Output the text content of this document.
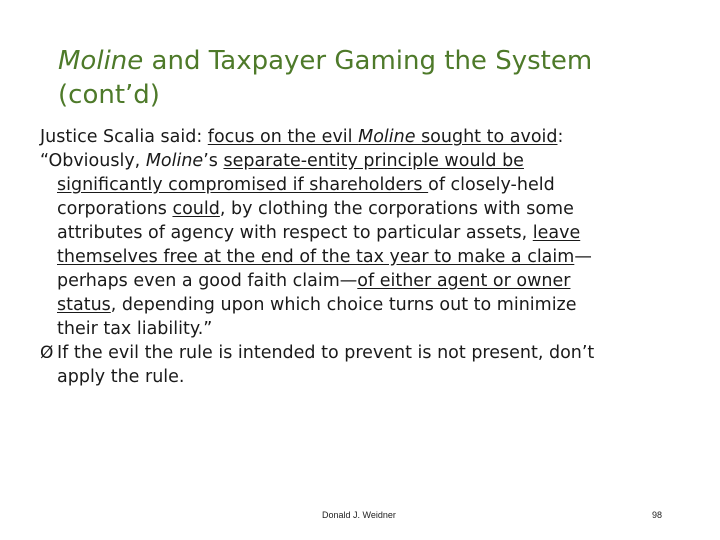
Moline and Taxpayer Gaming the System
(cont’d)

Justice Scalia said: focus on the evil Moline sought to avoid:

“Obviously, Moline’s separate-entity principle would be
significantly compromised if shareholders of closely-held
corporations could, by clothing the corporations with some
attributes of agency with respect to particular assets, leave
themselves free at the end of the tax year to make a claim—
perhaps even a good faith claim—of either agent or owner
status, depending upon which choice turns out to minimize
their tax liability.”

Ø If the evil the rule is intended to prevent is not present, don’t
apply the rule.

Donald J. Weidner	98
